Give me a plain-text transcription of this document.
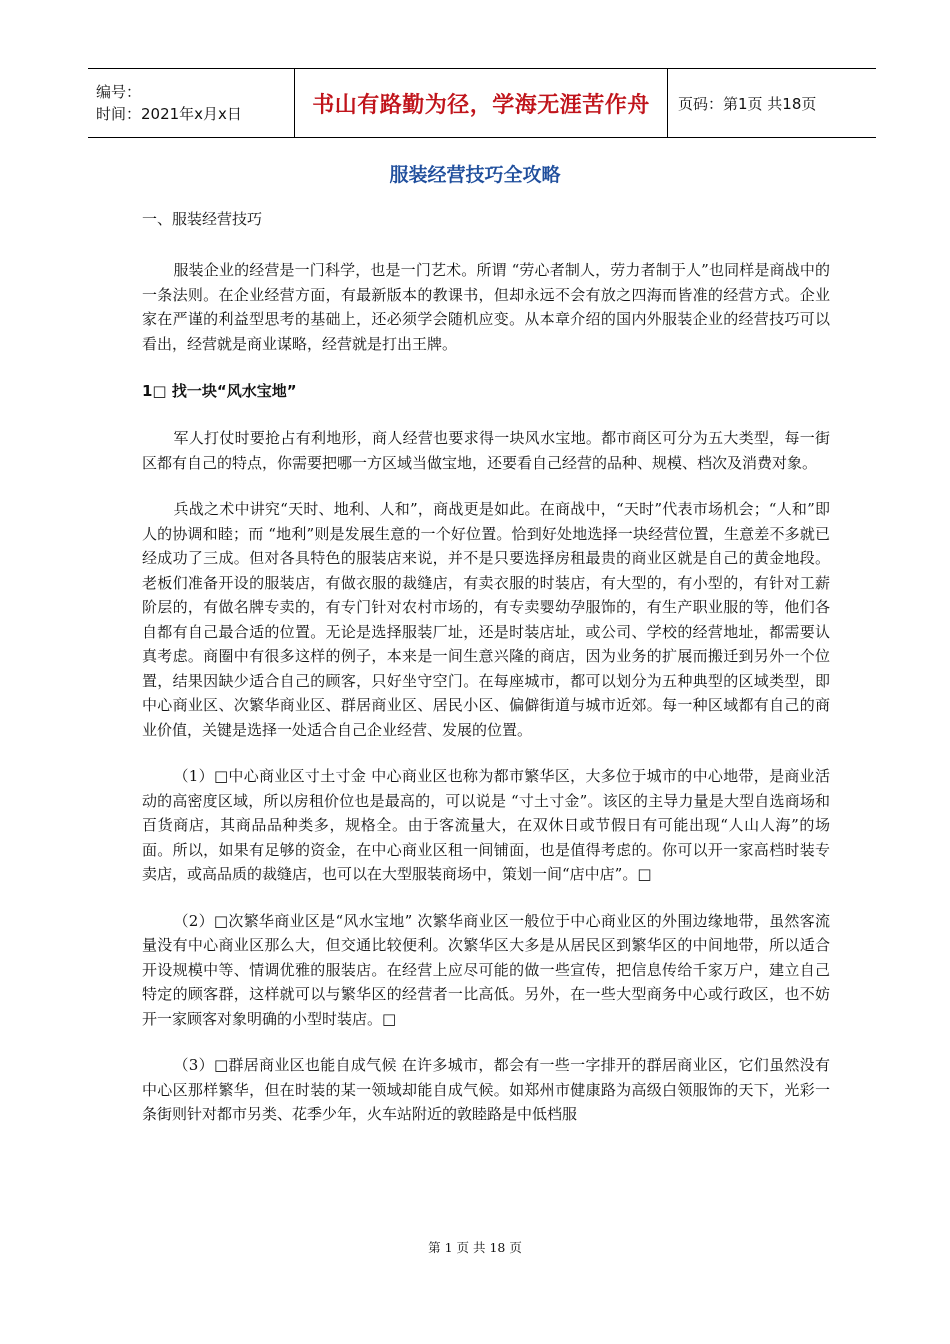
编号：
时间：2021年x月x日	书山有路勤为径，学海无涯苦作舟 页码：第1页 共18页
服装经营技巧全攻略
一、服装经营技巧

服装企业的经营是一门科学，也是一门艺术。所谓 “劳心者制人，劳力者制于人”也同样是商战中的一条法则。在企业经营方面，有最新版本的教课书，但却永远不会有放之四海而皆准的经营方式。企业家在严谨的利益型思考的基础上，还必须学会随机应变。从本章介绍的国内外服装企业的经营技巧可以看出，经营就是商业谋略，经营就是打出王牌。

1□ 找一块“风水宝地”

军人打仗时要抢占有利地形，商人经营也要求得一块风水宝地。都市商区可分为五大类型，每一街区都有自己的特点，你需要把哪一方区域当做宝地，还要看自己经营的品种、规模、档次及消费对象。

兵战之术中讲究“天时、地利、人和”，商战更是如此。在商战中，“天时”代表市场机会；“人和”即人的协调和睦；而 “地利”则是发展生意的一个好位置。恰到好处地选择一块经营位置，生意差不多就已经成功了三成。但对各具特色的服装店来说，并不是只要选择房租最贵的商业区就是自己的黄金地段。老板们准备开设的服装店，有做衣服的裁缝店，有卖衣服的时装店，有大型的，有小型的，有针对工薪阶层的，有做名牌专卖的，有专门针对农村市场的，有专卖婴幼孕服饰的，有生产职业服的等，他们各自都有自己最合适的位置。无论是选择服装厂址，还是时装店址，或公司、学校的经营地址，都需要认真考虑。商圈中有很多这样的例子，本来是一间生意兴隆的商店，因为业务的扩展而搬迁到另外一个位置，结果因缺少适合自己的顾客，只好坐守空门。在每座城市，都可以划分为五种典型的区域类型，即中心商业区、次繁华商业区、群居商业区、居民小区、偏僻街道与城市近郊。每一种区域都有自己的商业价值，关键是选择一处适合自己企业经营、发展的位置。

（1）□中心商业区寸土寸金 中心商业区也称为都市繁华区，大多位于城市的中心地带，是商业活动的高密度区域，所以房租价位也是最高的，可以说是 “寸土寸金”。该区的主导力量是大型自选商场和百货商店，其商品品种类多，规格全。由于客流量大，在双休日或节假日有可能出现“人山人海”的场面。所以，如果有足够的资金，在中心商业区租一间铺面，也是值得考虑的。你可以开一家高档时装专卖店，或高品质的裁缝店，也可以在大型服装商场中，策划一间“店中店”。□

（2）□次繁华商业区是“风水宝地” 次繁华商业区一般位于中心商业区的外围边缘地带，虽然客流量没有中心商业区那么大，但交通比较便利。次繁华区大多是从居民区到繁华区的中间地带，所以适合开设规模中等、情调优雅的服装店。在经营上应尽可能的做一些宣传，把信息传给千家万户，建立自己特定的顾客群，这样就可以与繁华区的经营者一比高低。另外，在一些大型商务中心或行政区，也不妨开一家顾客对象明确的小型时装店。□

（3）□群居商业区也能自成气候 在许多城市，都会有一些一字排开的群居商业区，它们虽然没有中心区那样繁华，但在时装的某一领域却能自成气候。如郑州市健康路为高级白领服饰的天下，光彩一条街则针对都市另类、花季少年，火车站附近的敦睦路是中低档服

第 1 页 共 18 页
